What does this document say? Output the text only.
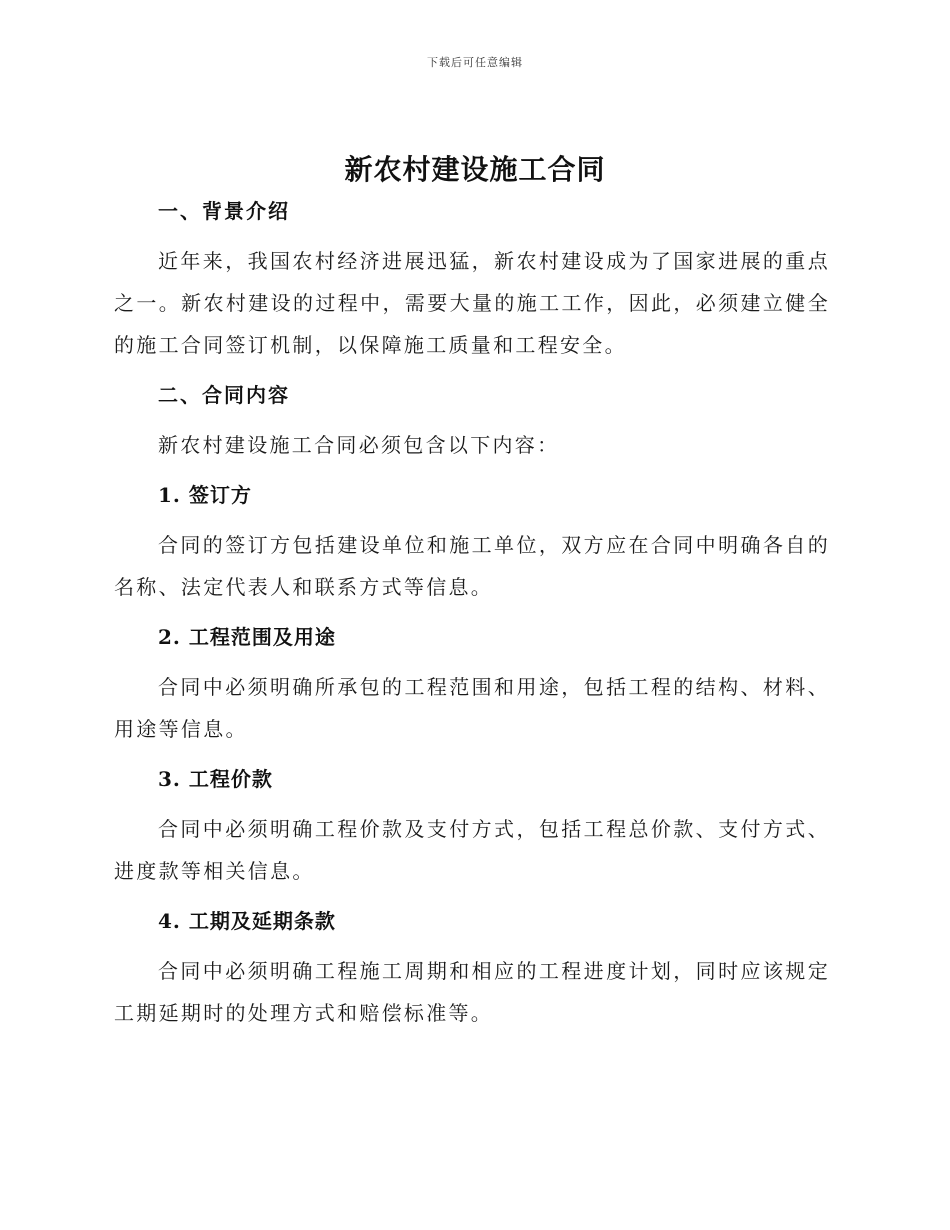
下载后可任意编辑
新农村建设施工合同
一、背景介绍

近年来，我国农村经济进展迅猛，新农村建设成为了国家进展的重点之一。新农村建设的过程中，需要大量的施工工作，因此，必须建立健全的施工合同签订机制，以保障施工质量和工程安全。

二、合同内容

新农村建设施工合同必须包含以下内容：

1. 签订方

合同的签订方包括建设单位和施工单位，双方应在合同中明确各自的名称、法定代表人和联系方式等信息。

2. 工程范围及用途

合同中必须明确所承包的工程范围和用途，包括工程的结构、材料、用途等信息。

3. 工程价款

合同中必须明确工程价款及支付方式，包括工程总价款、支付方式、进度款等相关信息。

4. 工期及延期条款

合同中必须明确工程施工周期和相应的工程进度计划，同时应该规定工期延期时的处理方式和赔偿标准等。
